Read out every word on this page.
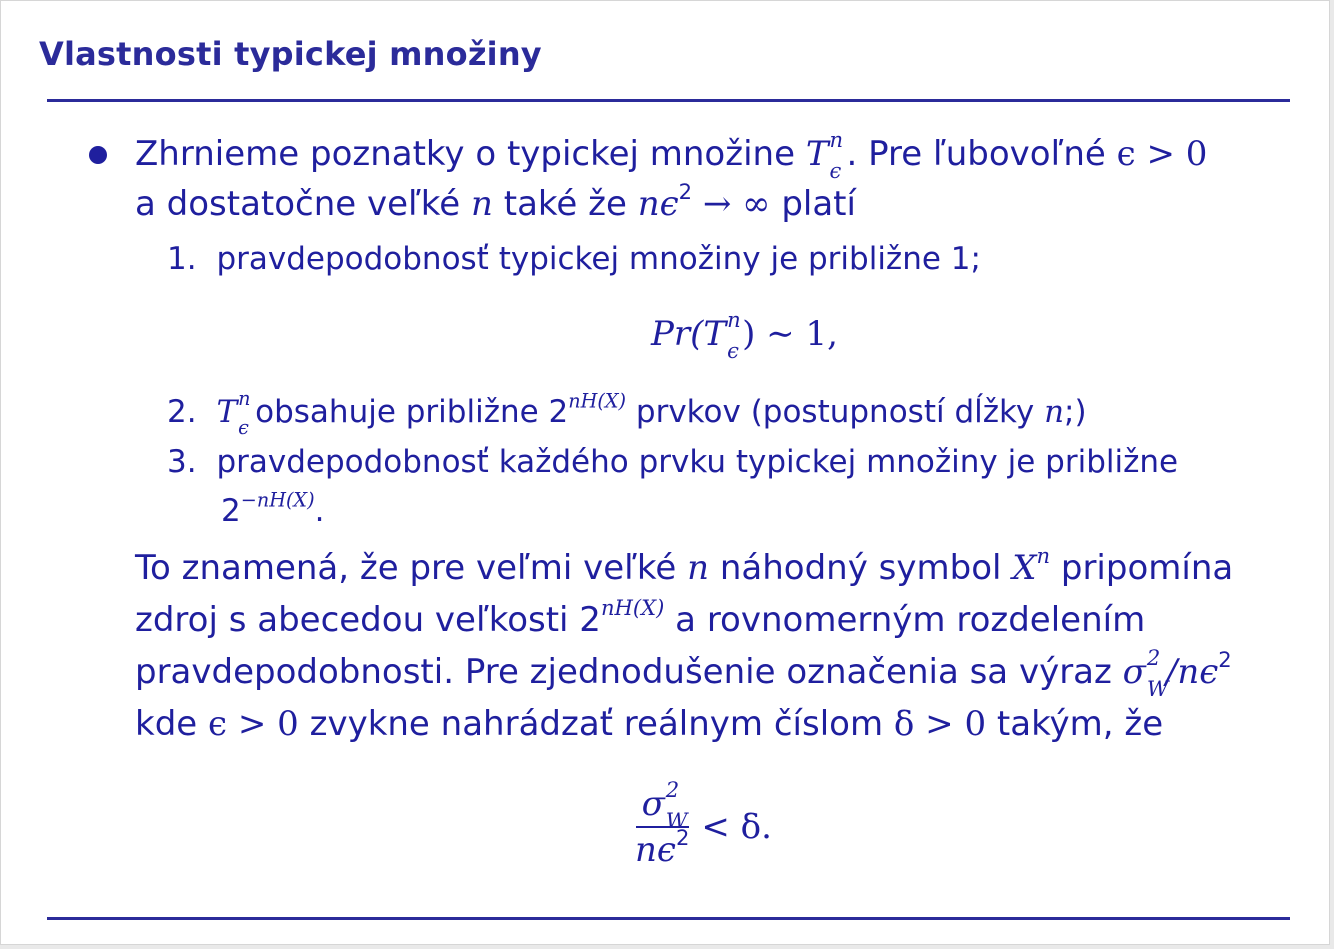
Vlastnosti typickej množiny
Zhrnieme poznatky o typickej množine T n
ϵ . Pre ľubovoľné ϵ > 0
a dostatočne veľké n také že $n\epsilon^2$ → ∞ platí
1. pravdepodobnosť typickej množiny je približne 1;
Pr(T n
ϵ ) ∼ 1,
2. T n
ϵ obsahuje približne $2^{nH(X)}$ prvkov (postupností dĺžky n;)
3. pravdepodobnosť každého prvku typickej množiny je približne
$2^{-nH(X)}$.
To znamená, že pre veľmi veľké n náhodný symbol $X^n$ pripomína
zdroj s abecedou veľkosti $2^{nH(X)}$ a rovnomerným rozdelením
pravdepodobnosti. Pre zjednodušenie označenia sa výraz σ 2
W
$/n\epsilon^2$
kde ϵ > 0 zvykne nahrádzať reálnym číslom δ > 0 takým, že
σ 2
W
$n\epsilon^2 < \delta$.
